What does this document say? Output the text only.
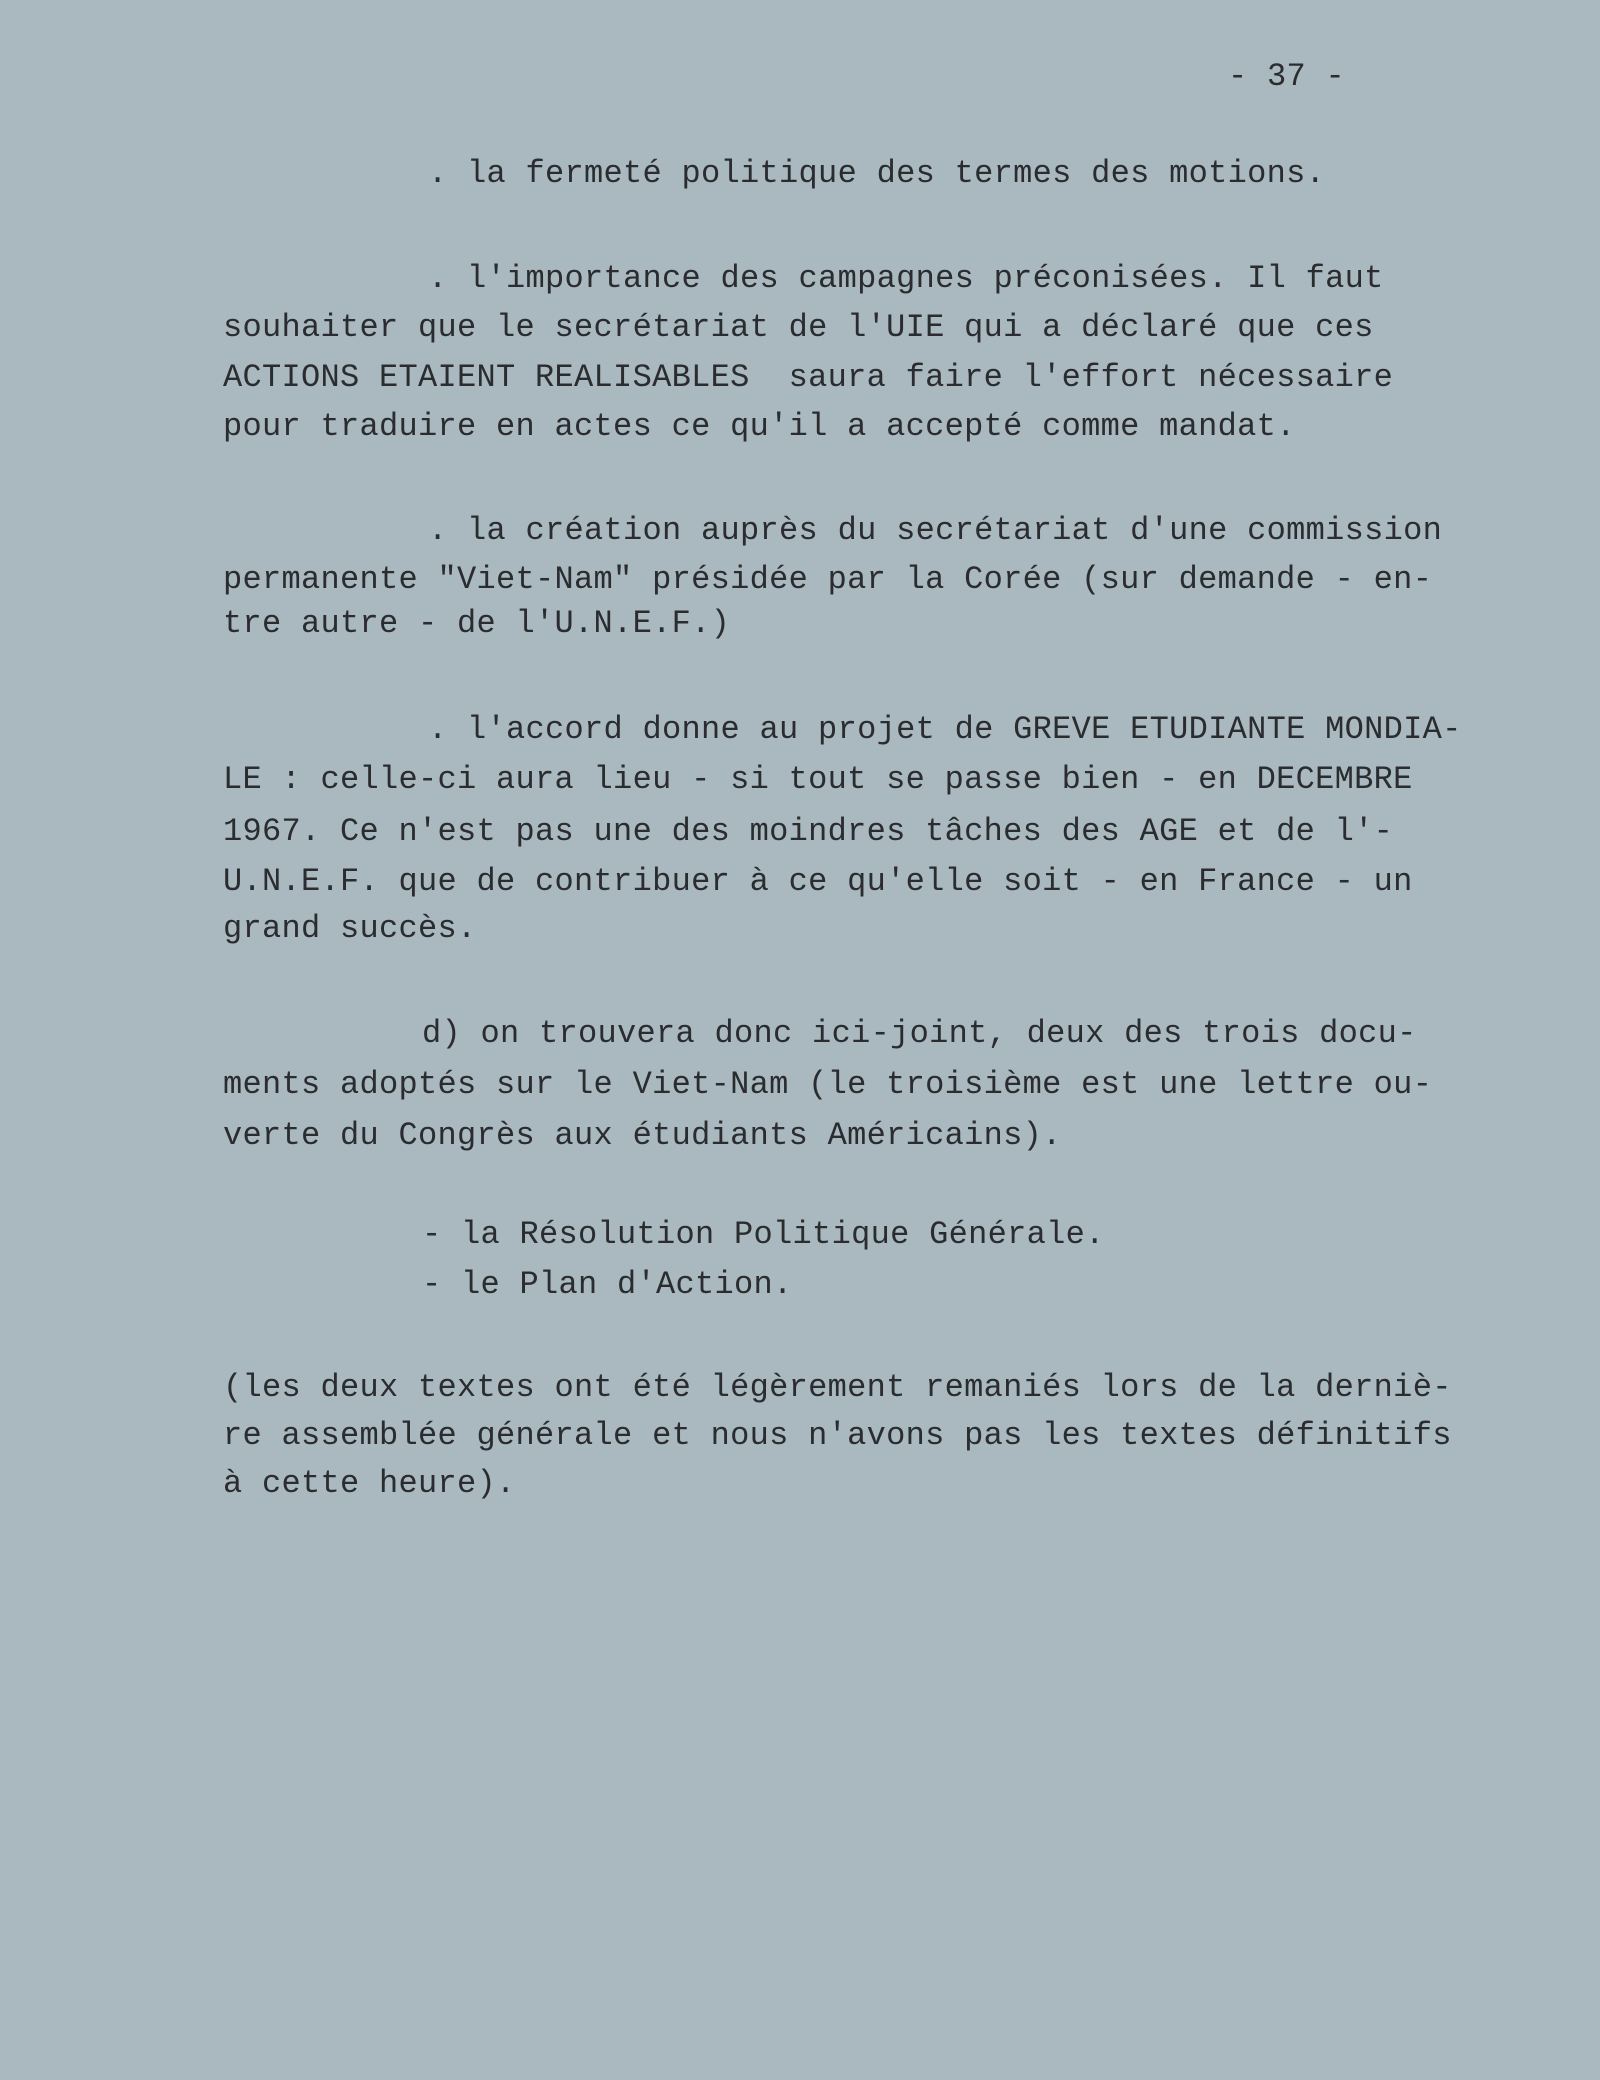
- 37 -
. la fermeté politique des termes des motions.
. l'importance des campagnes préconisées. Il faut
souhaiter que le secrétariat de l'UIE qui a déclaré que ces
ACTIONS ETAIENT REALISABLES  saura faire l'effort nécessaire
pour traduire en actes ce qu'il a accepté comme mandat.
. la création auprès du secrétariat d'une commission
permanente "Viet-Nam" présidée par la Corée (sur demande - en-
tre autre - de l'U.N.E.F.)
. l'accord donne au projet de GREVE ETUDIANTE MONDIA-
LE : celle-ci aura lieu - si tout se passe bien - en DECEMBRE
1967. Ce n'est pas une des moindres tâches des AGE et de l'-
U.N.E.F. que de contribuer à ce qu'elle soit - en France - un
grand succès.
d) on trouvera donc ici-joint, deux des trois docu-
ments adoptés sur le Viet-Nam (le troisième est une lettre ou-
verte du Congrès aux étudiants Américains).
- la Résolution Politique Générale.
- le Plan d'Action.
(les deux textes ont été légèrement remaniés lors de la derniè-
re assemblée générale et nous n'avons pas les textes définitifs
à cette heure).
